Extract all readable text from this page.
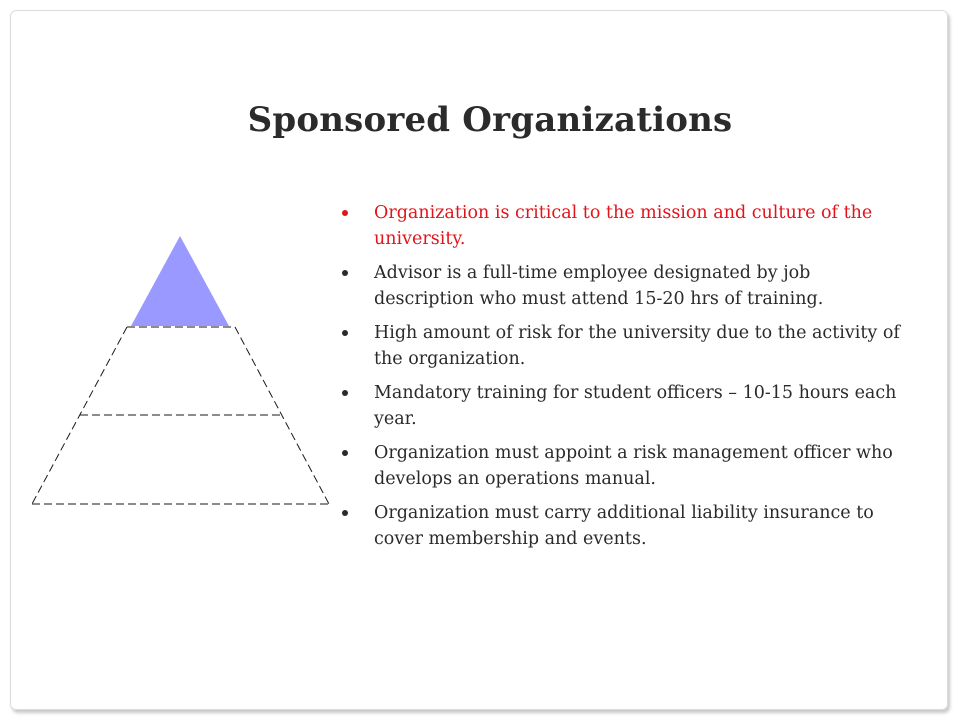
Sponsored Organizations
Organization is critical to the mission and culture of the university.
Advisor is a full-time employee designated by job description who must attend 15-20 hrs of training.
High amount of risk for the university due to the activity of the organization.
Mandatory training for student officers – 10-15 hours each year.
Organization must appoint a risk management officer who develops an operations manual.
Organization must carry additional liability insurance to cover membership and events.
